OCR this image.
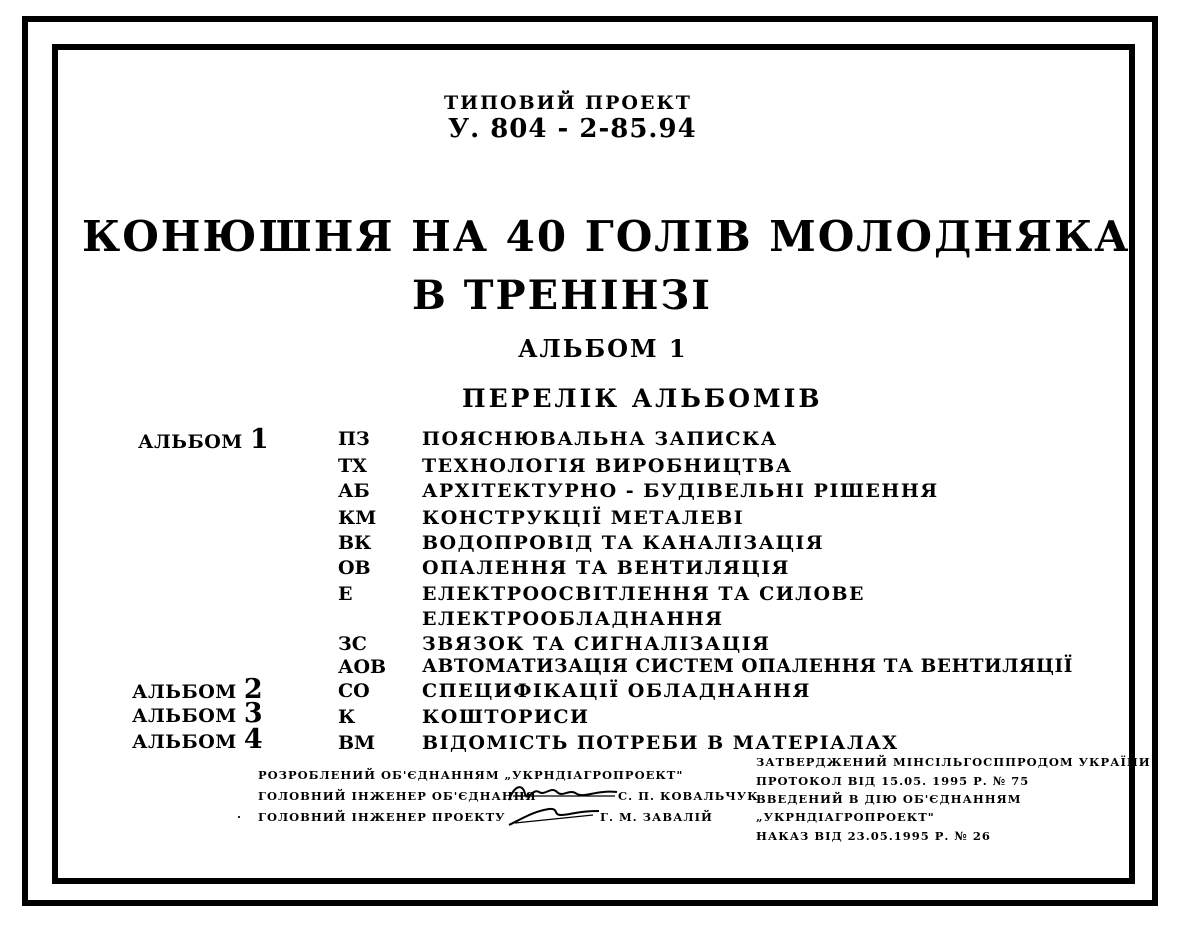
ТИПОВИЙ ПРОЕКТ
У. 804 - 2-85.94
КОНЮШНЯ НА 40 ГОЛІВ МОЛОДНЯКА
В ТРЕНІНЗІ
АЛЬБОМ 1
ПЕРЕЛІК АЛЬБОМІВ
АЛЬБОМ 1
АЛЬБОМ 2
АЛЬБОМ 3
АЛЬБОМ 4
ПЗ	ПОЯСНЮВАЛЬНА ЗАПИСКА
ТХ	ТЕХНОЛОГІЯ ВИРОБНИЦТВА
АБ	АРХІТЕКТУРНО - БУДІВЕЛЬНІ РІШЕННЯ
КМ КОНСТРУКЦІЇ МЕТАЛЕВІ
ВК	ВОДОПРОВІД ТА КАНАЛІЗАЦІЯ
ОВ	ОПАЛЕННЯ ТА ВЕНТИЛЯЦІЯ
Е	ЕЛЕКТРООСВІТЛЕННЯ ТА СИЛОВЕ
ЕЛЕКТРООБЛАДНАННЯ
ЗС	ЗВЯЗОК ТА СИГНАЛІЗАЦІЯ
АОВ АВТОМАТИЗАЦІЯ СИСТЕМ ОПАЛЕННЯ ТА ВЕНТИЛЯЦІЇ
СО	СПЕЦИФІКАЦІЇ ОБЛАДНАННЯ
К	КОШТОРИСИ
ВМ ВІДОМІСТЬ ПОТРЕБИ В МАТЕРІАЛАХ
РОЗРОБЛЕНИЙ ОБ'ЄДНАННЯМ „УКРНДІАГРОПРОЕКТ"
ГОЛОВНИЙ ІНЖЕНЕР ОБ'ЄДНАННЯ	С. П. КОВАЛЬЧУК
· ГОЛОВНИЙ ІНЖЕНЕР ПРОЕКТУ	Г. М. ЗАВАЛІЙ
ЗАТВЕРДЖЕНИЙ МІНСІЛЬГОСППРОДОМ УКРАЇНИ
ПРОТОКОЛ ВІД 15.05. 1995 Р. № 75
ВВЕДЕНИЙ В ДІЮ ОБ'ЄДНАННЯМ
„УКРНДІАГРОПРОЕКТ"
НАКАЗ ВІД 23.05.1995 Р. № 26
